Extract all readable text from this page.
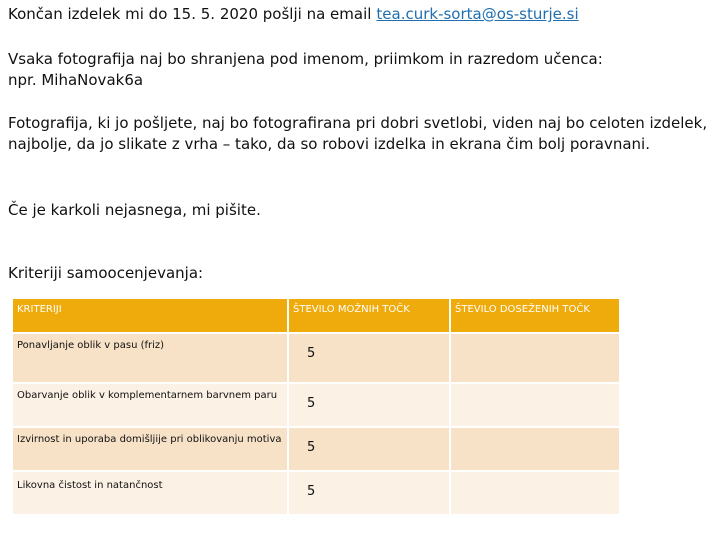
Končan izdelek mi do 15. 5. 2020 pošlji na email tea.curk-sorta@os-sturje.si

Vsaka fotografija naj bo shranjena pod imenom, priimkom in razredom učenca:
npr. MihaNovak6a

Fotografija, ki jo pošljete, naj bo fotografirana pri dobri svetlobi, viden naj bo celoten izdelek,
najbolje, da jo slikate z vrha – tako, da so robovi izdelka in ekrana čim bolj poravnani.

Če je karkoli nejasnega, mi pišite.

Kriteriji samoocenjevanja:

KRITERIJI	ŠTEVILO MOŽNIH TOČK	ŠTEVILO DOSEŽENIH TOČK
Ponavljanje oblik v pasu (friz)	5	
Obarvanje oblik v komplementarnem barvnem paru	5	
Izvirnost in uporaba domišljije pri oblikovanju motiva	5	
Likovna čistost in natančnost	5	
